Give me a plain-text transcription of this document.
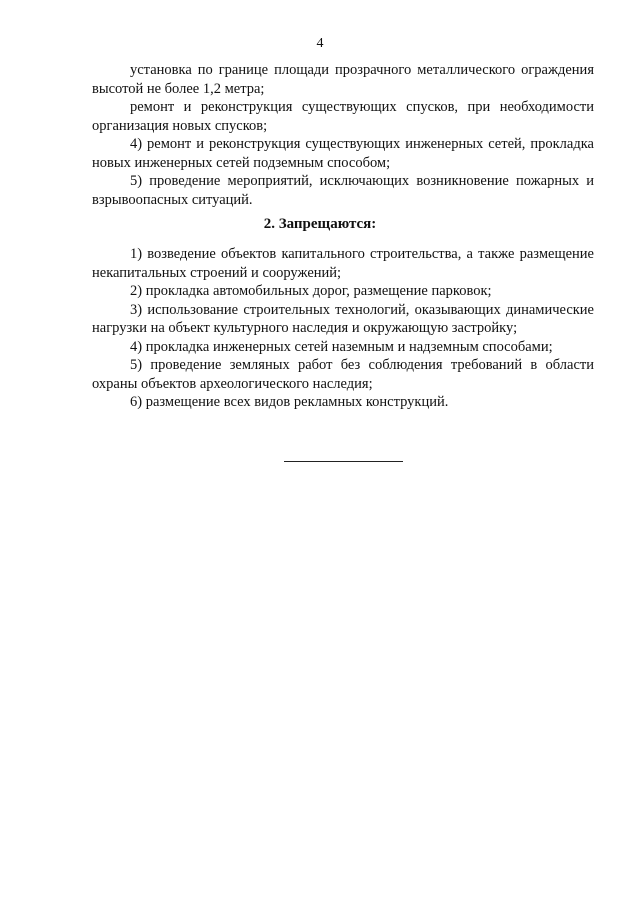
4

установка по границе площади прозрачного металлического ограждения высотой не более 1,2 метра;

ремонт и реконструкция существующих спусков, при необходимости организация новых спусков;

4) ремонт и реконструкция существующих инженерных сетей, прокладка новых инженерных сетей подземным способом;

5) проведение мероприятий, исключающих возникновение пожарных и взрывоопасных ситуаций.

2. Запрещаются:

1) возведение объектов капитального строительства, а также размещение некапитальных строений и сооружений;

2) прокладка автомобильных дорог, размещение парковок;

3) использование строительных технологий, оказывающих динамические нагрузки на объект культурного наследия и окружающую застройку;

4) прокладка инженерных сетей наземным и надземным способами;

5) проведение земляных работ без соблюдения требований в области охраны объектов археологического наследия;

6) размещение всех видов рекламных конструкций.
